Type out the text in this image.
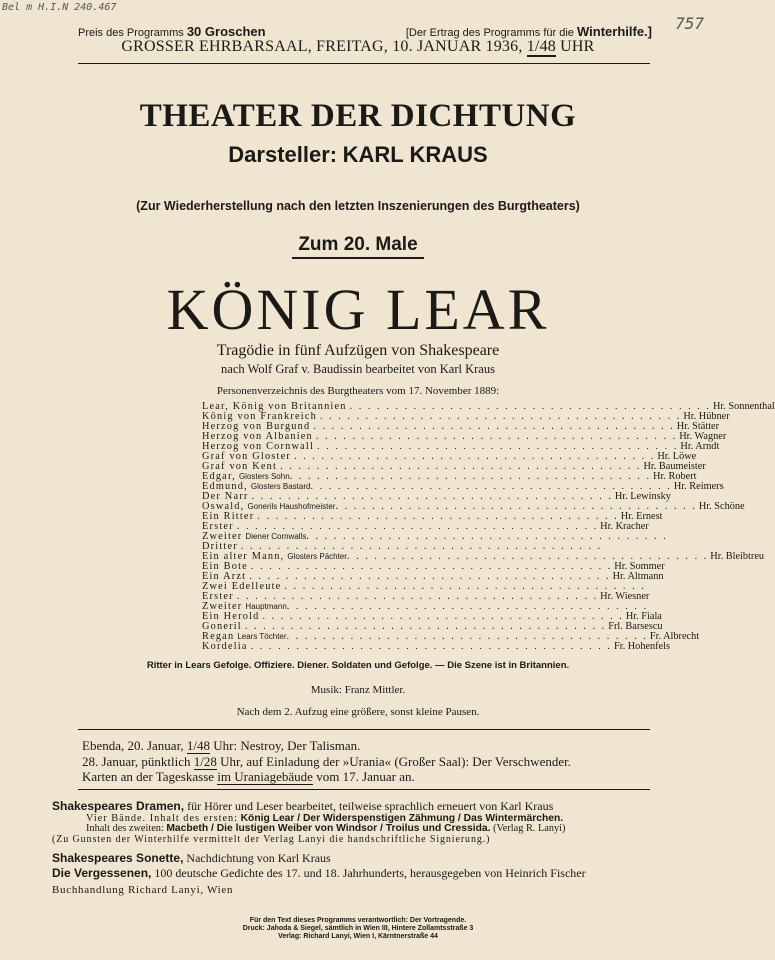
Bel m H.I.N 240.467
757
Preis des Programms 30 Groschen	[Der Ertrag des Programms für die Winterhilfe.]
GROSSER EHRBARSAAL, FREITAG, 10. JANUAR 1936, 1/48 UHR
THEATER DER DICHTUNG
Darsteller: KARL KRAUS
(Zur Wiederherstellung nach den letzten Inszenierungen des Burgtheaters)
Zum 20. Male
KÖNIG LEAR
Tragödie in fünf Aufzügen von Shakespeare
nach Wolf Graf v. Baudissin bearbeitet von Karl Kraus
Personenverzeichnis des Burgtheaters vom 17. November 1889:
Lear, König von Britannien . . . . . . . . . . . . . . . . . . . . . . . . . . . . . . . . . . . . . . . . Hr. Sonnenthal
König von Frankreich . . . . . . . . . . . . . . . . . . . . . . . . . . . . . . . . . . . . . . . . Hr. Hübner
Herzog von Burgund . . . . . . . . . . . . . . . . . . . . . . . . . . . . . . . . . . . . . . . . Hr. Stätter
Herzog von Albanien . . . . . . . . . . . . . . . . . . . . . . . . . . . . . . . . . . . . . . . . Hr. Wagner
Herzog von Cornwall . . . . . . . . . . . . . . . . . . . . . . . . . . . . . . . . . . . . . . . . Hr. Arndt
Graf von Gloster . . . . . . . . . . . . . . . . . . . . . . . . . . . . . . . . . . . . . . . . Hr. Löwe
Graf von Kent . . . . . . . . . . . . . . . . . . . . . . . . . . . . . . . . . . . . . . . . Hr. Baumeister
Edgar, Glosters Sohn . . . . . . . . . . . . . . . . . . . . . . . . . . . . . . . . . . . . . . . . Hr. Robert
Edmund, Glosters Bastard . . . . . . . . . . . . . . . . . . . . . . . . . . . . . . . . . . . . . . . . Hr. Reimers
Der Narr . . . . . . . . . . . . . . . . . . . . . . . . . . . . . . . . . . . . . . . . Hr. Lewinsky
Oswald, Gonerils Haushofmeister . . . . . . . . . . . . . . . . . . . . . . . . . . . . . . . . . . . . . . . . Hr. Schöne
Ein Ritter . . . . . . . . . . . . . . . . . . . . . . . . . . . . . . . . . . . . . . . . Hr. Ernest
Erster . . . . . . . . . . . . . . . . . . . . . . . . . . . . . . . . . . . . . . . . Hr. Kracher
Zweiter Diener Cornwalls . . . . . . . . . . . . . . . . . . . . . . . . . . . . . . . . . . . . . . . .
Dritter . . . . . . . . . . . . . . . . . . . . . . . . . . . . . . . . . . . . . . . .
Ein alter Mann, Glosters Pächter . . . . . . . . . . . . . . . . . . . . . . . . . . . . . . . . . . . . . . . . Hr. Bleibtreu
Ein Bote . . . . . . . . . . . . . . . . . . . . . . . . . . . . . . . . . . . . . . . . Hr. Sommer
Ein Arzt . . . . . . . . . . . . . . . . . . . . . . . . . . . . . . . . . . . . . . . . Hr. Altmann
Zwei Edelleute . . . . . . . . . . . . . . . . . . . . . . . . . . . . . . . . . . . . . . . .
Erster . . . . . . . . . . . . . . . . . . . . . . . . . . . . . . . . . . . . . . . . Hr. Wiesner
Zweiter Hauptmann . . . . . . . . . . . . . . . . . . . . . . . . . . . . . . . . . . . . . . . .
Ein Herold . . . . . . . . . . . . . . . . . . . . . . . . . . . . . . . . . . . . . . . . Hr. Fiala
Goneril . . . . . . . . . . . . . . . . . . . . . . . . . . . . . . . . . . . . . . . . Frl. Barsescu
Regan Lears Töchter . . . . . . . . . . . . . . . . . . . . . . . . . . . . . . . . . . . . . . . . Fr. Albrecht
Kordelia . . . . . . . . . . . . . . . . . . . . . . . . . . . . . . . . . . . . . . . . Fr. Hohenfels
Ritter in Lears Gefolge. Offiziere. Diener. Soldaten und Gefolge. — Die Szene ist in Britannien.
Musik: Franz Mittler.
Nach dem 2. Aufzug eine größere, sonst kleine Pausen.
Ebenda, 20. Januar, 1/48 Uhr: Nestroy, Der Talisman.
28. Januar, pünktlich 1/28 Uhr, auf Einladung der »Urania« (Großer Saal): Der Verschwender.
Karten an der Tageskasse im Uraniagebäude vom 17. Januar an.
Shakespeares Dramen, für Hörer und Leser bearbeitet, teilweise sprachlich erneuert von Karl Kraus
Vier Bände. Inhalt des ersten: König Lear / Der Widerspenstigen Zähmung / Das Wintermärchen.
Inhalt des zweiten: Macbeth / Die lustigen Weiber von Windsor / Troilus und Cressida. (Verlag R. Lanyi)
(Zu Gunsten der Winterhilfe vermittelt der Verlag Lanyi die handschriftliche Signierung.)
Shakespeares Sonette, Nachdichtung von Karl Kraus
Die Vergessenen, 100 deutsche Gedichte des 17. und 18. Jahrhunderts, herausgegeben von Heinrich Fischer
Buchhandlung Richard Lanyi, Wien
Für den Text dieses Programms verantwortlich: Der Vortragende.
Druck: Jahoda & Siegel, sämtlich in Wien III, Hintere Zollamtsstraße 3
Verlag: Richard Lanyi, Wien I, Kärntnerstraße 44
